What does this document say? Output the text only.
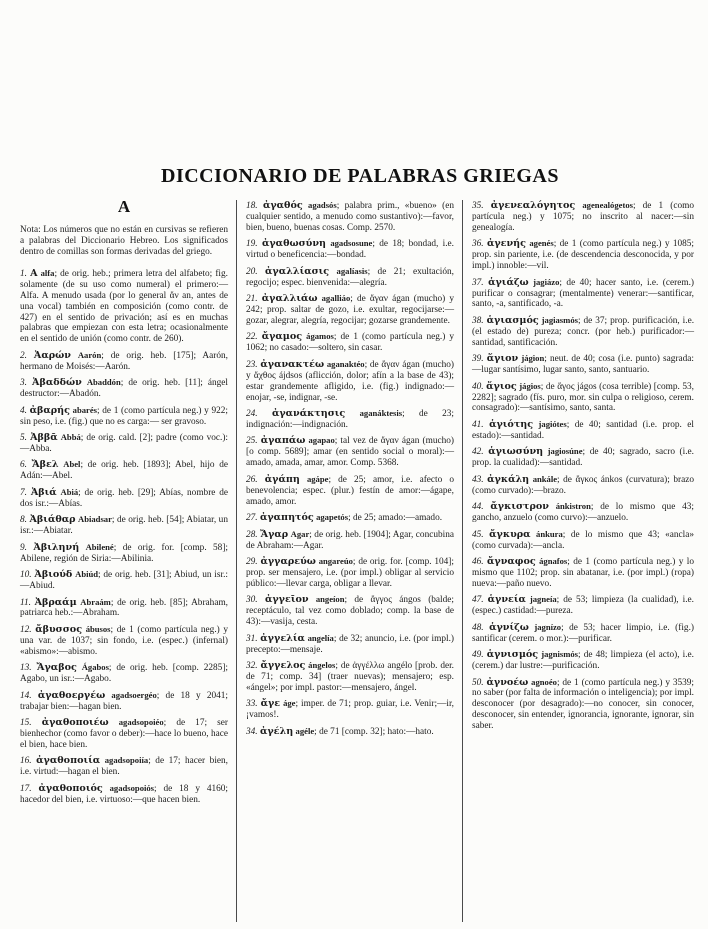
DICCIONARIO DE PALABRAS GRIEGAS
A

Nota: Los números que no están en cursivas se refieren a palabras del Diccionario Hebreo. Los significados dentro de comillas son formas derivadas del griego.

1. A alfa; de orig. heb.; primera letra del alfabeto; fig. solamente (de su uso como numeral) el primero:—Alfa. A menudo usada (por lo general ἄν an, antes de una vocal) también en composición (como contr. de 427) en el sentido de privación; así es en muchas palabras que empiezan con esta letra; ocasionalmente en el sentido de unión (como contr. de 260).

2. Ἀαρών Aarón; de orig. heb. [175]; Aarón, hermano de Moisés:—Aarón.

3. Ἀβαδδών Abaddón; de orig. heb. [11]; ángel destructor:—Abadón.

4. ἀβαρής abarés; de 1 (como partícula neg.) y 922; sin peso, i.e. (fig.) que no es carga:— ser gravoso.

5. Ἀββᾶ Abbá; de orig. cald. [2]; padre (como voc.):—Abba.

6. Ἄβελ Abel; de orig. heb. [1893]; Abel, hijo de Adán:—Abel.

7. Ἀβιά Abiá; de orig. heb. [29]; Abías, nombre de dos isr.:—Abías.

8. Ἀβιάθαρ Abiadsar; de orig. heb. [54]; Abiatar, un isr.:—Abiatar.

9. Ἀβιληνή Abilené; de orig. for. [comp. 58]; Abilene, región de Siria:—Abilinia.

10. Ἀβιούδ Abiúd; de orig. heb. [31]; Abiud, un isr.:—Abiud.

11. Ἀβραάμ Abraám; de orig. heb. [85]; Abraham, patriarca heb.:—Abraham.

12. ἄβυσσος ábusos; de 1 (como partícula neg.) y una var. de 1037; sin fondo, i.e. (espec.) (infernal) «abismo»:—abismo.

13. Ἄγαβος Ágabos; de orig. heb. [comp. 2285]; Agabo, un isr.:—Agabo.

14. ἀγαθοεργέω agadsoergéo; de 18 y 2041; trabajar bien:—hagan bien.

15. ἀγαθοποιέω agadsopoiéo; de 17; ser bienhechor (como favor o deber):—hace lo bueno, hace el bien, hace bien.

16. ἀγαθοποιία agadsopoiía; de 17; hacer bien, i.e. virtud:—hagan el bien.

17. ἀγαθοποιός agadsopoiós; de 18 y 4160; hacedor del bien, i.e. virtuoso:—que hacen bien.

18. ἀγαθός agadsós; palabra prim., «bueno» (en cualquier sentido, a menudo como sustantivo):—favor, bien, bueno, buenas cosas. Comp. 2570.

19. ἀγαθωσύνη agadsosune; de 18; bondad, i.e. virtud o beneficencia:—bondad.

20. ἀγαλλίασις agalíasis; de 21; exultación, regocijo; espec. bienvenida:—alegría.

21. ἀγαλλιάω agalliáo; de ἄγαν ágan (mucho) y 242; prop. saltar de gozo, i.e. exultar, regocijarse:—gozar, alegrar, alegría, regocijar; gozarse grandemente.

22. ἄγαμος ágamos; de 1 (como partícula neg.) y 1062; no casado:—soltero, sin casar.

23. ἀγανακτέω aganaktéo; de ἄγαν ágan (mucho) y ἄχθος ájdsos (aflicción, dolor; afín a la base de 43); estar grandemente afligido, i.e. (fig.) indignado:—enojar, -se, indignar, -se.

24. ἀγανάκτησις aganáktesis; de 23; indignación:—indignación.

25. ἀγαπάω agapao; tal vez de ἄγαν ágan (mucho) [o comp. 5689]; amar (en sentido social o moral):—amado, amada, amar, amor. Comp. 5368.

26. ἀγάπη agápe; de 25; amor, i.e. afecto o benevolencia; espec. (plur.) festín de amor:—ágape, amado, amor.

27. ἀγαπητός agapetós; de 25; amado:—amado.

28. Ἄγαρ Agar; de orig. heb. [1904]; Agar, concubina de Abraham:—Agar.

29. ἀγγαρεύω angareúo; de orig. for. [comp. 104]; prop. ser mensajero, i.e. (por impl.) obligar al servicio público:—llevar carga, obligar a llevar.

30. ἀγγεῖον angeíon; de ἄγγος ángos (balde; receptáculo, tal vez como doblado; comp. la base de 43):—vasija, cesta.

31. ἀγγελία angelía; de 32; anuncio, i.e. (por impl.) precepto:—mensaje.

32. ἄγγελος ángelos; de ἀγγέλλω angélo [prob. der. de 71; comp. 34] (traer nuevas); mensajero; esp. «ángel»; por impl. pastor:—mensajero, ángel.

33. ἄγε áge; imper. de 71; prop. guiar, i.e. Venir;—ir, ¡vamos!.

34. ἀγέλη agéle; de 71 [comp. 32]; hato:—hato.

35. ἀγενεαλόγητος agenealógetos; de 1 (como partícula neg.) y 1075; no inscrito al nacer:—sin genealogía.

36. ἀγενής agenés; de 1 (como partícula neg.) y 1085; prop. sin pariente, i.e. (de descendencia desconocida, y por impl.) innoble:—vil.

37. ἁγιάζω jagiázo; de 40; hacer santo, i.e. (cerem.) purificar o consagrar; (mentalmente) venerar:—santificar, santo, -a, santificado, -a.

38. ἁγιασμός jagiasmós; de 37; prop. purificación, i.e. (el estado de) pureza; concr. (por heb.) purificador:—santidad, santificación.

39. ἅγιον jágion; neut. de 40; cosa (i.e. punto) sagrada:—lugar santísimo, lugar santo, santo, santuario.

40. ἅγιος jágios; de ἅγος jágos (cosa terrible) [comp. 53, 2282]; sagrado (fís. puro, mor. sin culpa o religioso, cerem. consagrado):—santísimo, santo, santa.

41. ἁγιότης jagiótes; de 40; santidad (i.e. prop. el estado):—santidad.

42. ἁγιωσύνη jagiosúne; de 40; sagrado, sacro (i.e. prop. la cualidad):—santidad.

43. ἀγκάλη ankále; de ἄγκος ánkos (curvatura); brazo (como curvado):—brazo.

44. ἄγκιστρον ánkistron; de lo mismo que 43; gancho, anzuelo (como curvo):—anzuelo.

45. ἄγκυρα ánkura; de lo mismo que 43; «ancla» (como curvada):—ancla.

46. ἄγναφος ágnafos; de 1 (como partícula neg.) y lo mismo que 1102; prop. sin abatanar, i.e. (por impl.) (ropa) nueva:—paño nuevo.

47. ἁγνεία jagneía; de 53; limpieza (la cualidad), i.e. (espec.) castidad:—pureza.

48. ἁγνίζω jagnízo; de 53; hacer limpio, i.e. (fig.) santificar (cerem. o mor.):—purificar.

49. ἁγνισμός jagnismós; de 48; limpieza (el acto), i.e. (cerem.) dar lustre:—purificación.

50. ἀγνοέω agnoéo; de 1 (como partícula neg.) y 3539; no saber (por falta de información o inteligencia); por impl. desconocer (por desagrado):—no conocer, sin conocer, desconocer, sin entender, ignorancia, ignorante, ignorar, sin saber.
